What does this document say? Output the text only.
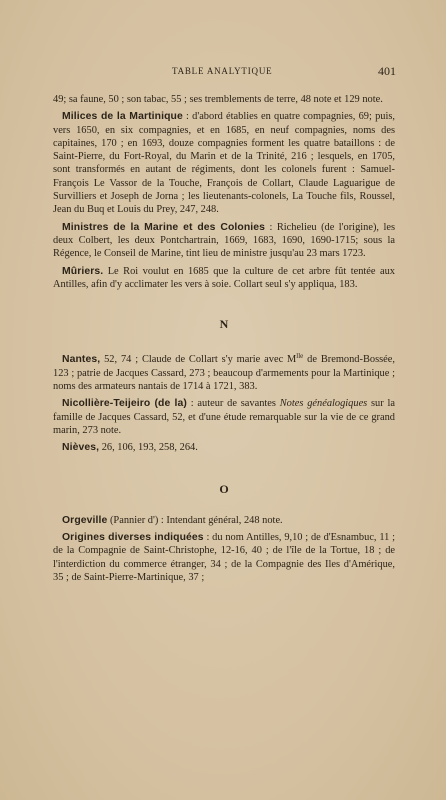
TABLE ANALYTIQUE	401

49; sa faune, 50 ; son tabac, 55 ; ses tremblements de terre, 48 note et 129 note.

Milices de la Martinique : d'abord établies en quatre compagnies, 69; puis, vers 1650, en six compagnies, et en 1685, en neuf compagnies, noms des capitaines, 170 ; en 1693, douze compagnies forment les quatre bataillons : de Saint-Pierre, du Fort-Royal, du Marin et de la Trinité, 216 ; lesquels, en 1705, sont transformés en autant de régiments, dont les colonels furent : Samuel-François Le Vassor de la Touche, François de Collart, Claude Laguarigue de Survilliers et Joseph de Jorna ; les lieutenants-colonels, La Touche fils, Roussel, Jean du Buq et Louis du Prey, 247, 248.

Ministres de la Marine et des Colonies : Richelieu (de l'origine), les deux Colbert, les deux Pontchartrain, 1669, 1683, 1690, 1690-1715; sous la Régence, le Conseil de Marine, tint lieu de ministre jusqu'au 23 mars 1723.

Mûriers. Le Roi voulut en 1685 que la culture de cet arbre fût tentée aux Antilles, afin d'y acclimater les vers à soie. Collart seul s'y appliqua, 183.

N

Nantes, 52, 74 ; Claude de Collart s'y marie avec $M^{lle}$ de Bremond-Bossée, 123 ; patrie de Jacques Cassard, 273 ; beaucoup d'armements pour la Martinique ; noms des armateurs nantais de 1714 à 1721, 383.

Nicollière-Teijeiro (de la) : auteur de savantes Notes généalogiques sur la famille de Jacques Cassard, 52, et d'une étude remarquable sur la vie de ce grand marin, 273 note.

Nièves, 26, 106, 193, 258, 264.

O

Orgeville (Pannier d') : Intendant général, 248 note.

Origines diverses indiquées : du nom Antilles, 9,10 ; de d'Esnambuc, 11 ; de la Compagnie de Saint-Christophe, 12-16, 40 ; de l'île de la Tortue, 18 ; de l'interdiction du commerce étranger, 34 ; de la Compagnie des Iles d'Amérique, 35 ; de Saint-Pierre-Martinique, 37 ;
